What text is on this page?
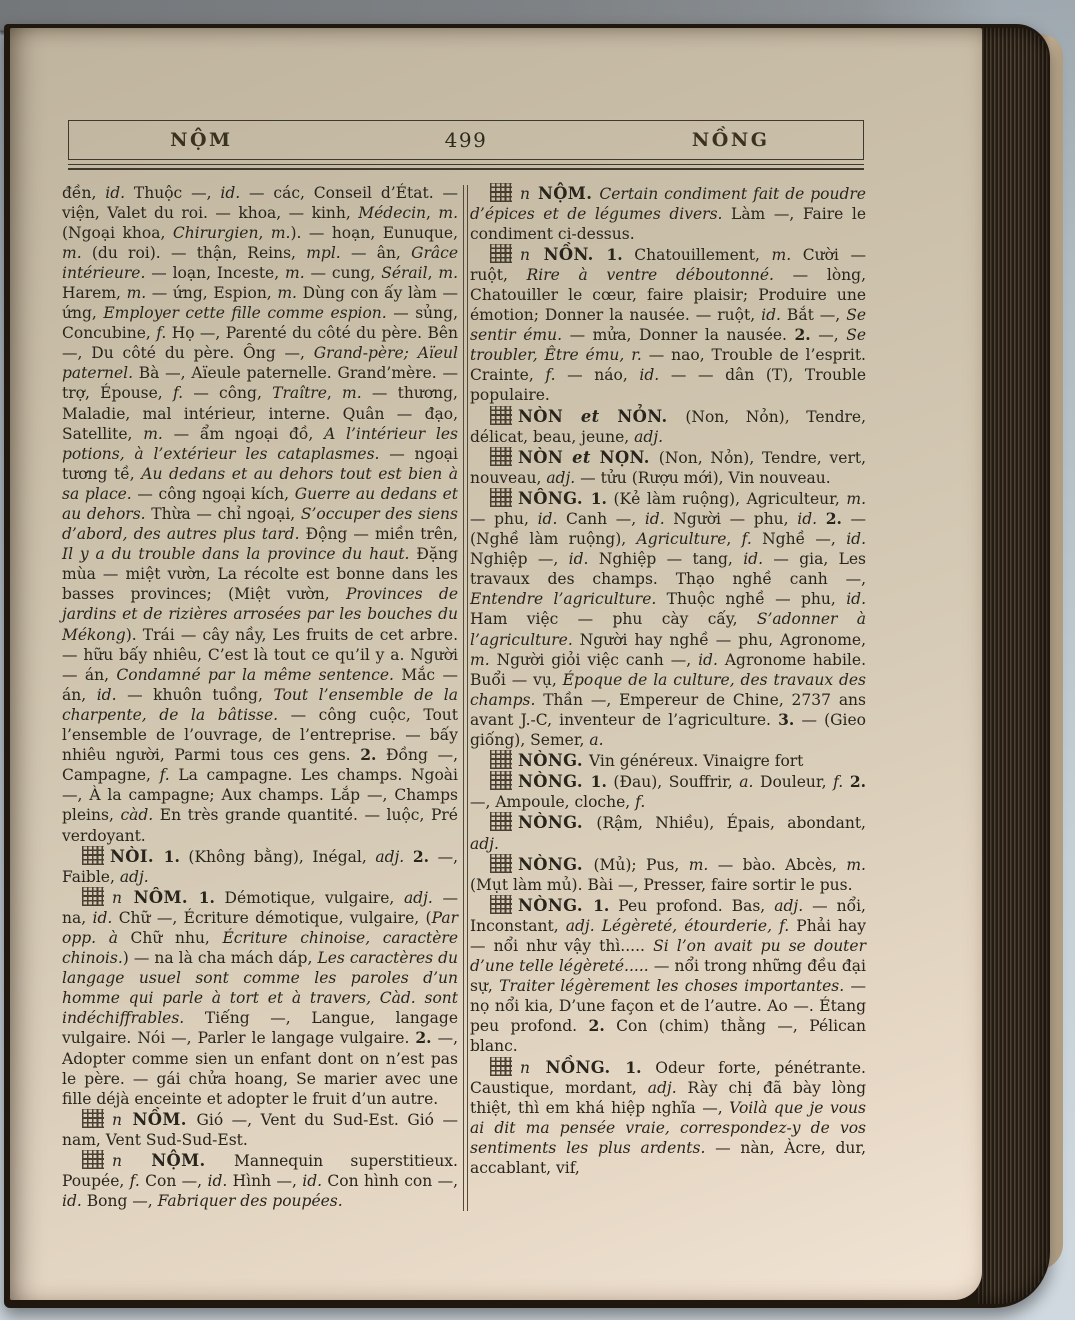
NỘM	499	NỒNG

đền, id. Thuộc —, id. — các, Conseil d’État. — viện, Valet du roi. — khoa, — kinh, Médecin, m. (Ngoại khoa, Chirurgien, m.). — hoạn, Eunuque, m. (du roi). — thận, Reins, mpl. — ân, Grâce intérieure. — loạn, Inceste, m. — cung, Sérail, m. Harem, m. — ứng, Espion, m. Dùng con ấy làm — ứng, Employer cette fille comme espion. — sủng, Concubine, f. Họ —, Parenté du côté du père. Bên —, Du côté du père. Ông —, Grand-père; Aïeul paternel. Bà —, Aïeule paternelle. Grand’mère. — trợ, Épouse, f. — công, Traître, m. — thương, Maladie, mal intérieur, interne. Quân — đạo, Satellite, m. — ẩm ngoại đồ, A l’intérieur les potions, à l’extérieur les cataplasmes. — ngoại tương tề, Au dedans et au dehors tout est bien à sa place. — công ngoại kích, Guerre au dedans et au dehors. Thừa — chỉ ngoại, S’occuper des siens d’abord, des autres plus tard. Động — miền trên, Il y a du trouble dans la province du haut. Đặng mùa — miệt vườn, La récolte est bonne dans les basses provinces; (Miệt vườn, Provinces de jardins et de rizières arrosées par les bouches du Mékong). Trái — cây nầy, Les fruits de cet arbre. — hữu bấy nhiêu, C’est là tout ce qu’il y a. Người — án, Condamné par la même sentence. Mắc — án, id. — khuôn tuồng, Tout l’ensemble de la charpente, de la bâtisse. — công cuộc, Tout l’ensemble de l’ouvrage, de l’entreprise. — bấy nhiêu người, Parmi tous ces gens. 2. Đồng —, Campagne, f. La campagne. Les champs. Ngoài —, À la campagne; Aux champs. Lắp —, Champs pleins, càd. En très grande quantité. — luộc, Pré verdoyant.

NÒI. 1. (Không bằng), Inégal, adj. 2. —, Faible, adj.

n NÔM. 1. Démotique, vulgaire, adj. — na, id. Chữ —, Écriture démotique, vulgaire, (Par opp. à Chữ nhu, Écriture chinoise, caractère chinois.) — na là cha mách dáp, Les caractères du langage usuel sont comme les paroles d’un homme qui parle à tort et à travers, Càd. sont indéchiffrables. Tiếng —, Langue, langage vulgaire. Nói —, Parler le langage vulgaire. 2. —, Adopter comme sien un enfant dont on n’est pas le père. — gái chửa hoang, Se marier avec une fille déjà enceinte et adopter le fruit d’un autre.

n NỒM. Gió —, Vent du Sud-Est. Gió — nam, Vent Sud-Sud-Est.

n NỘM. Mannequin superstitieux. Poupée, f. Con —, id. Hình —, id. Con hình con —, id. Bong —, Fabriquer des poupées.

n NỘM. Certain condiment fait de poudre d’épices et de légumes divers. Làm —, Faire le condiment ci-dessus.

n NỒN. 1. Chatouillement, m. Cười — ruột, Rire à ventre déboutonné. — lòng, Chatouiller le cœur, faire plaisir; Produire une émotion; Donner la nausée. — ruột, id. Bắt —, Se sentir ému. — mửa, Donner la nausée. 2. —, Se troubler, Être ému, r. — nao, Trouble de l’esprit. Crainte, f. — náo, id. — — dân (T), Trouble populaire.

NÒN et NỎN. (Non, Nỏn), Tendre, délicat, beau, jeune, adj.

NÒN et NỌN. (Non, Nỏn), Tendre, vert, nouveau, adj. — tửu (Rượu mới), Vin nouveau.

NÔNG. 1. (Kẻ làm ruộng), Agriculteur, m. — phu, id. Canh —, id. Người — phu, id. 2. — (Nghề làm ruộng), Agriculture, f. Nghề —, id. Nghiệp —, id. Nghiệp — tang, id. — gia, Les travaux des champs. Thạo nghề canh —, Entendre l’agriculture. Thuộc nghề — phu, id. Ham việc — phu cày cấy, S’adonner à l’agriculture. Người hay nghề — phu, Agronome, m. Người giỏi việc canh —, id. Agronome habile. Buổi — vụ, Époque de la culture, des travaux des champs. Thần —, Empereur de Chine, 2737 ans avant J.-C, inventeur de l’agriculture. 3. — (Gieo giống), Semer, a.

NÒNG. Vin généreux. Vinaigre fort

NÒNG. 1. (Đau), Souffrir, a. Douleur, f. 2. —, Ampoule, cloche, f.

NÒNG. (Rậm, Nhiều), Épais, abondant, adj.

NÒNG. (Mủ); Pus, m. — bào. Abcès, m. (Mụt làm mủ). Bài —, Presser, faire sortir le pus.

NÒNG. 1. Peu profond. Bas, adj. — nổi, Inconstant, adj. Légèreté, étourderie, f. Phải hay — nổi như vậy thì..... Si l’on avait pu se douter d’une telle légèreté..... — nổi trong những đều đại sự, Traiter légèrement les choses importantes. — nọ nổi kia, D’une façon et de l’autre. Ao —. Étang peu profond. 2. Con (chim) thằng —, Pélican blanc.

n NỒNG. 1. Odeur forte, pénétrante. Caustique, mordant, adj. Rày chị đã bày lòng thiệt, thì em khá hiệp nghĩa —, Voilà que je vous ai dit ma pensée vraie, correspondez-y de vos sentiments les plus ardents. — nàn, Àcre, dur, accablant, vif,
